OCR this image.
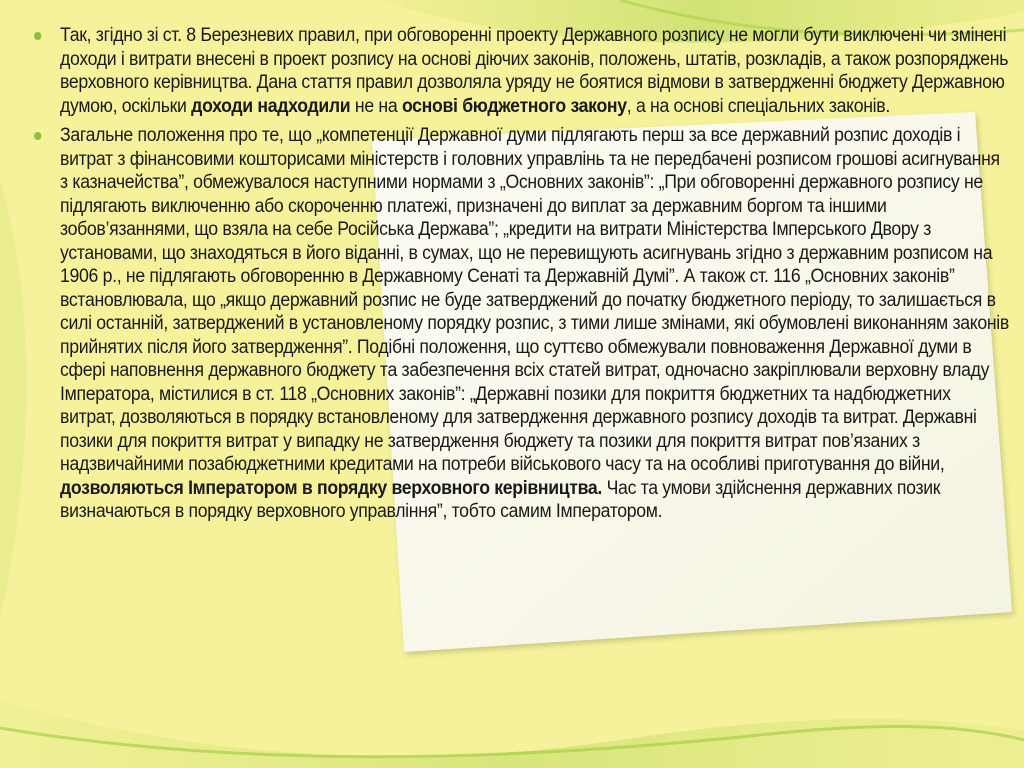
Так, згідно зі ст. 8 Березневих правил, при обговоренні проекту Державного розпису не могли бути виключені чи змінені доходи і витрати внесені в проект розпису на основі діючих законів, положень, штатів, розкладів, а також розпоряджень верховного керівництва. Дана стаття правил дозволяла уряду не боятися відмови в затвердженні бюджету Державною думою, оскільки доходи надходили не на основі бюджетного закону, а на основі спеціальних законів.
Загальне положення про те, що „компетенції Державної думи підлягають перш за все державний розпис доходів і витрат з фінансовими кошторисами міністерств і головних управлінь та не передбачені розписом грошові асигнування з казначейства”, обмежувалося наступними нормами з „Основних законів”: „При обговоренні державного розпису не підлягають виключенню або скороченню платежі, призначені до виплат за державним боргом та іншими зобов’язаннями, що взяла на себе Російська Держава”; „кредити на витрати Міністерства Імперського Двору з установами, що знаходяться в його віданні, в сумах, що не перевищують асигнувань згідно з державним розписом на 1906 р., не підлягають обговоренню в Державному Сенаті та Державній Думі”. А також ст. 116 „Основних законів” встановлювала, що „якщо державний розпис не буде затверджений до початку бюджетного періоду, то залишається в силі останній, затверджений в установленому порядку розпис, з тими лише змінами, які обумовлені виконанням законів прийнятих після його затвердження”. Подібні положення, що суттєво обмежували повноваження Державної думи в сфері наповнення державного бюджету та забезпечення всіх статей витрат, одночасно закріплювали верховну владу Імператора, містилися в ст. 118 „Основних законів”: „Державні позики для покриття бюджетних та надбюджетних витрат, дозволяються в порядку встановленому для затвердження державного розпису доходів та витрат. Державні позики для покриття витрат у випадку не затвердження бюджету та позики для покриття витрат пов’язаних з надзвичайними позабюджетними кредитами на потреби військового часу та на особливі приготування до війни, дозволяються Імператором в порядку верховного керівництва. Час та умови здійснення державних позик визначаються в порядку верховного управління”, тобто самим Імператором.
